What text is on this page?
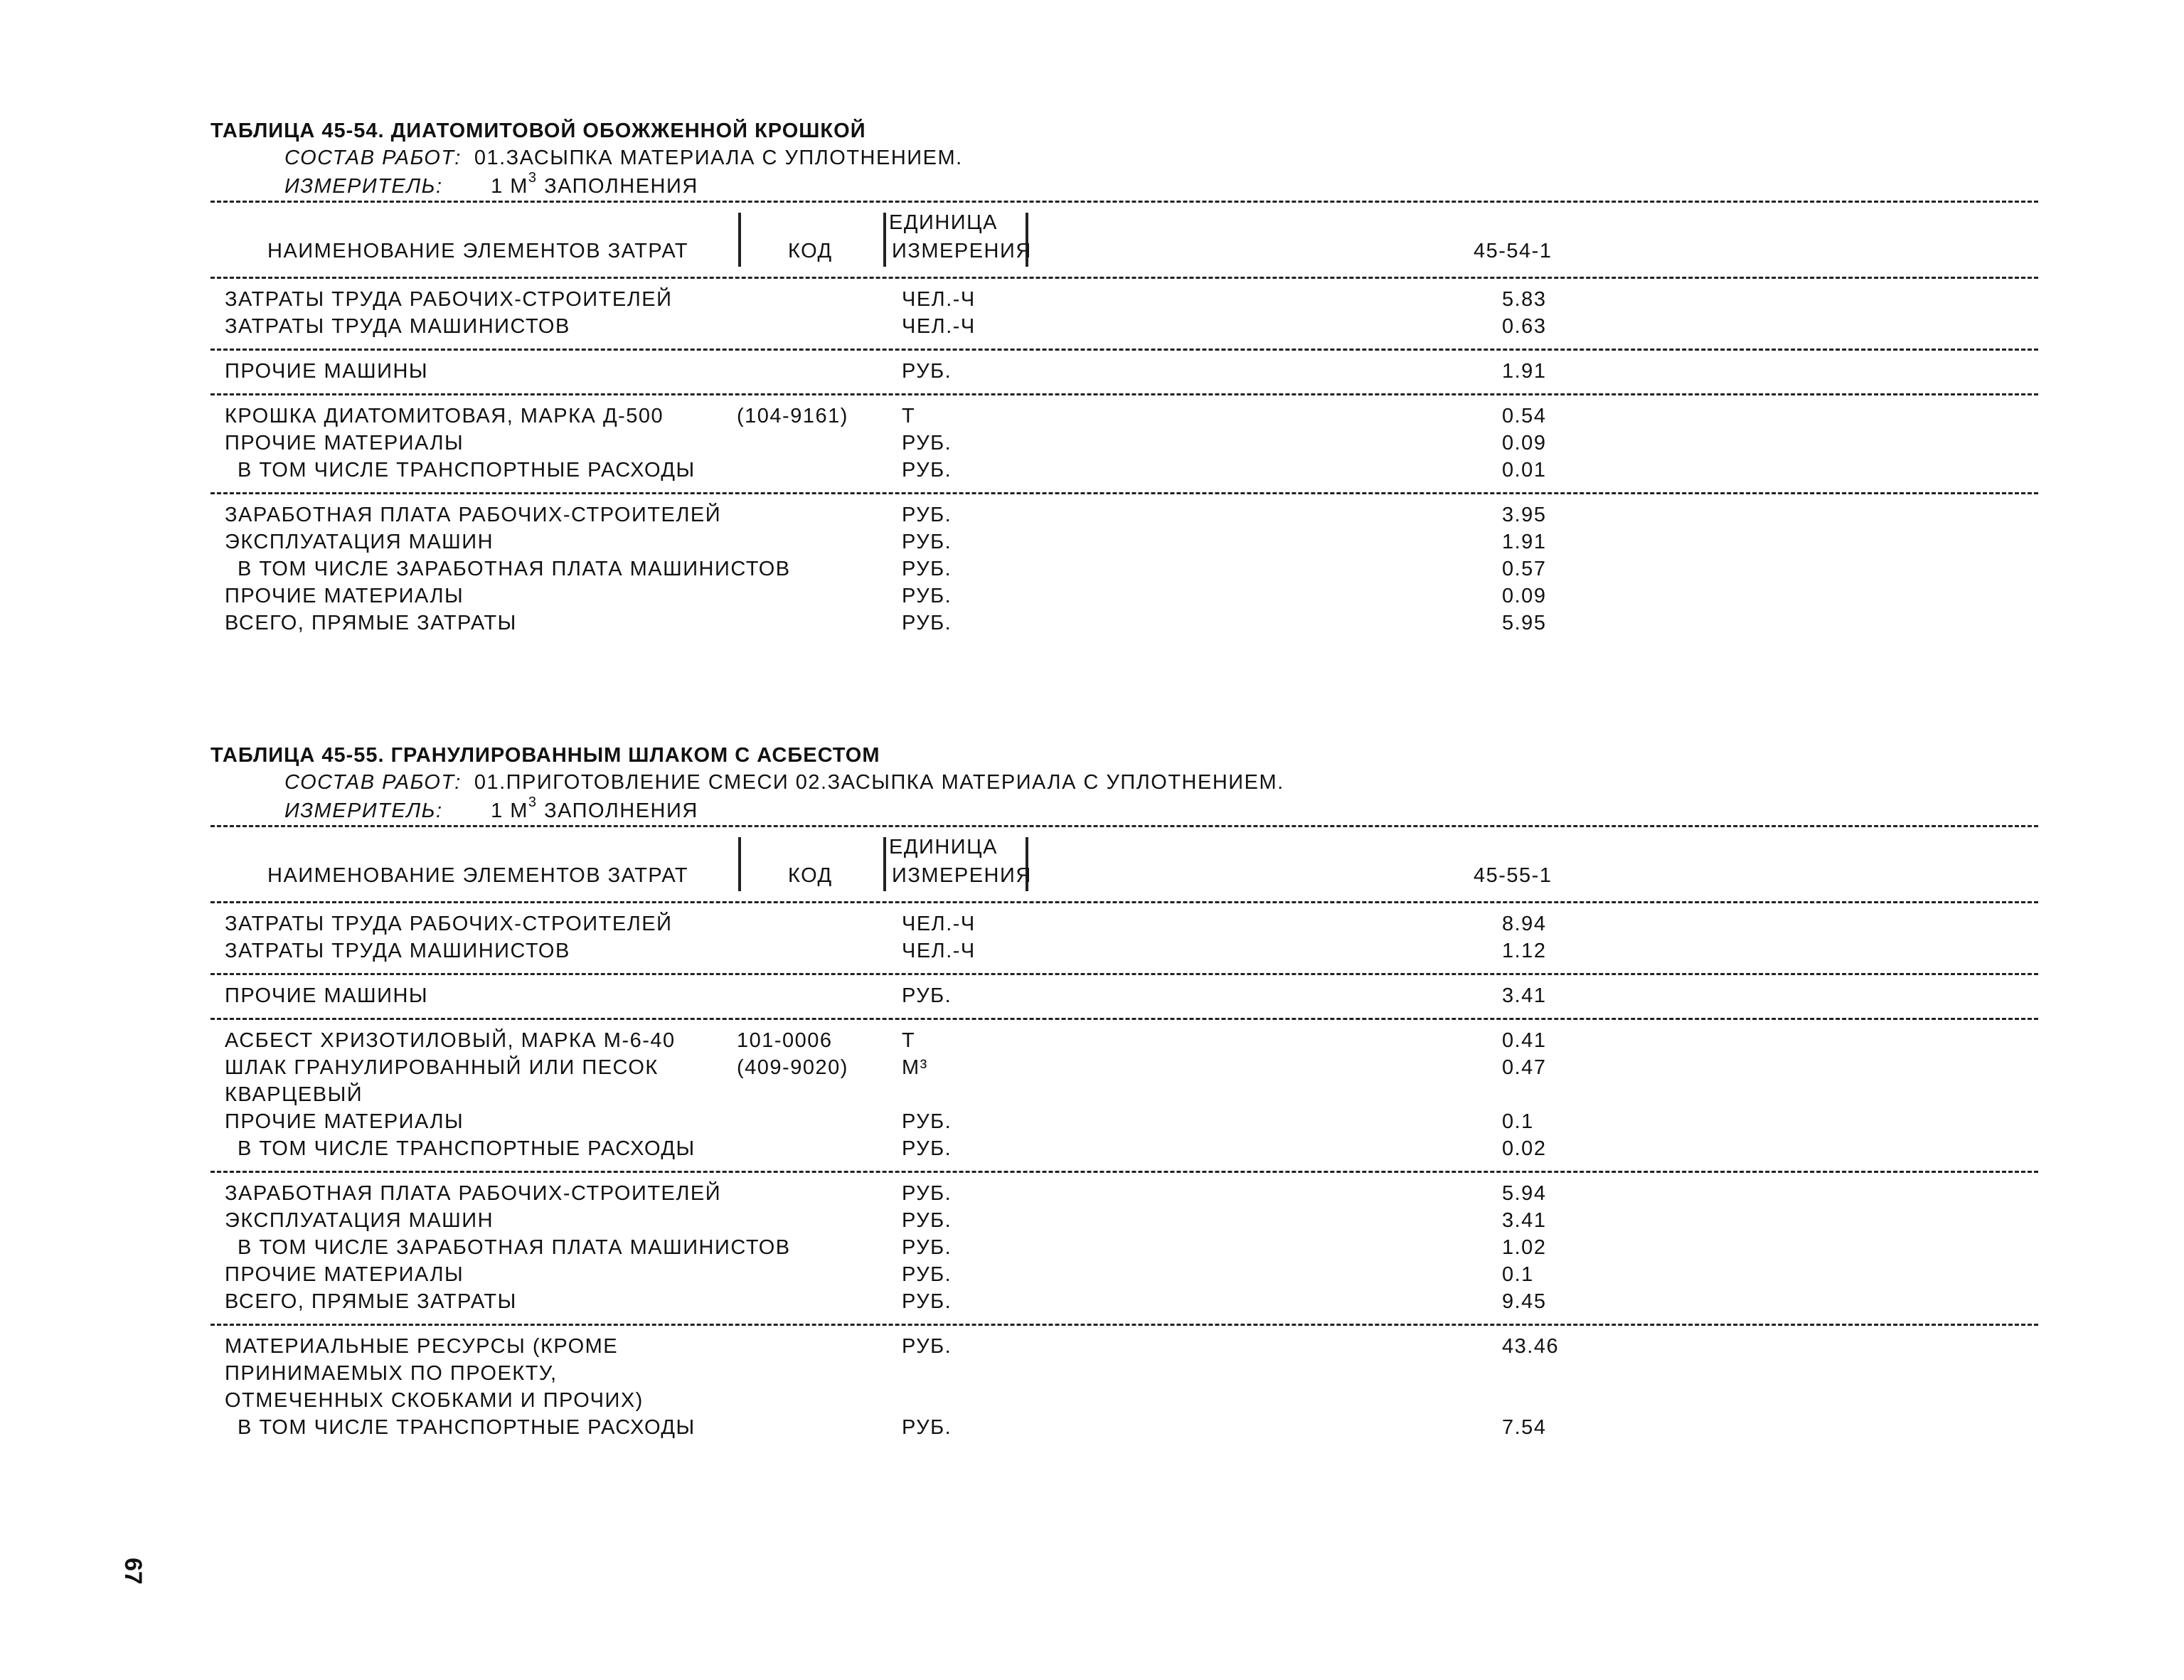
ТАБЛИЦА 45-54. ДИАТОМИТОВОЙ ОБОЖЖЕННОЙ КРОШКОЙ
СОСТАВ РАБОТ: 01.ЗАСЫПКА МАТЕРИАЛА С УПЛОТНЕНИЕМ.
ИЗМЕРИТЕЛЬ: 1 $М^3$ ЗАПОЛНЕНИЯ
НАИМЕНОВАНИЕ ЭЛЕМЕНТОВ ЗАТРАТ	КОД
ЕДИНИЦА
ИЗМЕРЕНИЯ	45-54-1
ЗАТРАТЫ ТРУДА РАБОЧИХ-СТРОИТЕЛЕЙ	ЧЕЛ.-Ч	5.83
ЗАТРАТЫ ТРУДА МАШИНИСТОВ	ЧЕЛ.-Ч	0.63
ПРОЧИЕ МАШИНЫ	РУБ.	1.91
КРОШКА ДИАТОМИТОВАЯ, МАРКА Д-500	(104-9161)	Т	0.54
ПРОЧИЕ МАТЕРИАЛЫ	РУБ.	0.09
В ТОМ ЧИСЛЕ ТРАНСПОРТНЫЕ РАСХОДЫ	РУБ.	0.01
ЗАРАБОТНАЯ ПЛАТА РАБОЧИХ-СТРОИТЕЛЕЙ	РУБ.	3.95
ЭКСПЛУАТАЦИЯ МАШИН	РУБ.	1.91
В ТОМ ЧИСЛЕ ЗАРАБОТНАЯ ПЛАТА МАШИНИСТОВ	РУБ.	0.57
ПРОЧИЕ МАТЕРИАЛЫ	РУБ.	0.09
ВСЕГО, ПРЯМЫЕ ЗАТРАТЫ	РУБ.	5.95
ТАБЛИЦА 45-55. ГРАНУЛИРОВАННЫМ ШЛАКОМ С АСБЕСТОМ
СОСТАВ РАБОТ: 01.ПРИГОТОВЛЕНИЕ СМЕСИ 02.ЗАСЫПКА МАТЕРИАЛА С УПЛОТНЕНИЕМ.
ИЗМЕРИТЕЛЬ: 1 $М^3$ ЗАПОЛНЕНИЯ
НАИМЕНОВАНИЕ ЭЛЕМЕНТОВ ЗАТРАТ	КОД
ЕДИНИЦА
ИЗМЕРЕНИЯ	45-55-1
ЗАТРАТЫ ТРУДА РАБОЧИХ-СТРОИТЕЛЕЙ	ЧЕЛ.-Ч	8.94
ЗАТРАТЫ ТРУДА МАШИНИСТОВ	ЧЕЛ.-Ч	1.12
ПРОЧИЕ МАШИНЫ	РУБ.	3.41
АСБЕСТ ХРИЗОТИЛОВЫЙ, МАРКА М-6-40	101-0006	Т	0.41
ШЛАК ГРАНУЛИРОВАННЫЙ ИЛИ ПЕСОК	(409-9020)	М³	0.47
КВАРЦЕВЫЙ
ПРОЧИЕ МАТЕРИАЛЫ	РУБ.	0.1
В ТОМ ЧИСЛЕ ТРАНСПОРТНЫЕ РАСХОДЫ	РУБ.	0.02
ЗАРАБОТНАЯ ПЛАТА РАБОЧИХ-СТРОИТЕЛЕЙ	РУБ.	5.94
ЭКСПЛУАТАЦИЯ МАШИН	РУБ.	3.41
В ТОМ ЧИСЛЕ ЗАРАБОТНАЯ ПЛАТА МАШИНИСТОВ	РУБ.	1.02
ПРОЧИЕ МАТЕРИАЛЫ	РУБ.	0.1
ВСЕГО, ПРЯМЫЕ ЗАТРАТЫ	РУБ.	9.45
МАТЕРИАЛЬНЫЕ РЕСУРСЫ (КРОМЕ	РУБ.	43.46
ПРИНИМАЕМЫХ ПО ПРОЕКТУ,
ОТМЕЧЕННЫХ СКОБКАМИ И ПРОЧИХ)
В ТОМ ЧИСЛЕ ТРАНСПОРТНЫЕ РАСХОДЫ	РУБ.	7.54
67
